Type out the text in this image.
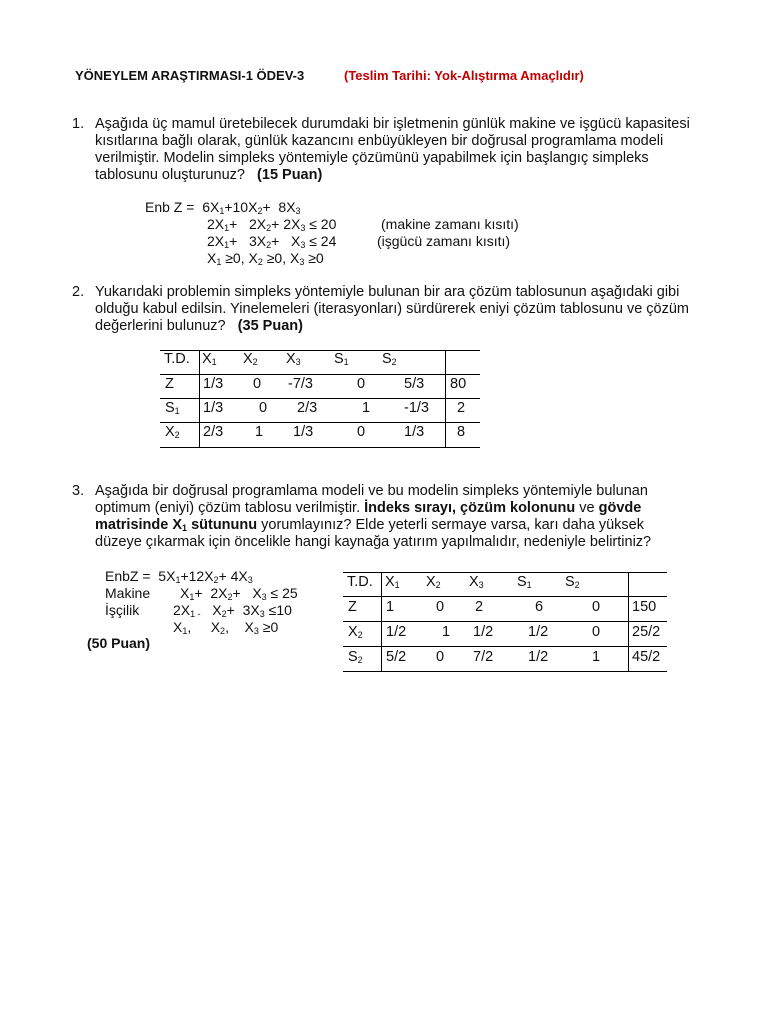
YÖNEYLEM ARAŞTIRMASI-1 ÖDEV-3	(Teslim Tarihi: Yok-Alıştırma Amaçlıdır)
1. Aşağıda üç mamul üretebilecek durumdaki bir işletmenin günlük makine ve işgücü kapasitesi
kısıtlarına bağlı olarak, günlük kazancını enbüyükleyen bir doğrusal programlama modeli
verilmiştir. Modelin simpleks yöntemiyle çözümünü yapabilmek için başlangıç simpleks
tablosunu oluşturunuz? (15 Puan)
Enb $Z = 6X_1+10X_2+ 8X_3$
$2X_1+ 2X_2+ 2X_3 \le 20$	(makine zamanı kısıtı)
$2X_1+ 3X_2+ X_3 \le 24$	(işgücü zamanı kısıtı)
$X_1 \ge 0$, $X_2 \ge 0$, $X_3 \ge 0$
2. Yukarıdaki problemin simpleks yöntemiyle bulunan bir ara çözüm tablosunun aşağıdaki gibi
olduğu kabul edilsin. Yinelemeleri (iterasyonları) sürdürerek eniyi çözüm tablosunu ve çözüm
değerlerini bulunuz? (35 Puan)
T.D. $X_1$ $X_2$ $X_3$ $S_1$ $S_2$
Z 1/3 0 -7/3	0	5/3 80
$S_1$ 1/3 0 2/3	1 -1/3 2
$X_2$ 2/3 1 1/3	0	1/3 8
3. Aşağıda bir doğrusal programlama modeli ve bu modelin simpleks yöntemiyle bulunan
optimum (eniyi) çözüm tablosu verilmiştir. İndeks sırayı, çözüm kolonunu ve gövde
matrisinde $X_1$ sütununu yorumlayınız? Elde yeterli sermaye varsa, karı daha yüksek
düzeye çıkarmak için öncelikle hangi kaynağa yatırım yapılmalıdır, nedeniyle belirtiniz?
EnbZ =  $5X_1+12X_2+ 4X_3$
Makine $X_1+ 2X_2+ X_3 \le 25$
İşçilik $2X_{1 -}$   $X_2+ 3X_3 \le 10$
$X_1$,     $X_2$,    $X_3 \ge 0$
(50 Puan)
T.D. $X_1$ $X_2$ $X_3$ $S_1$ $S_2$
Z 1	0 2	6	0 150
$X_2$ 1/2 1 1/2 1/2	0 25/2
$S_2$ 5/2 0 7/2 1/2	1 45/2
